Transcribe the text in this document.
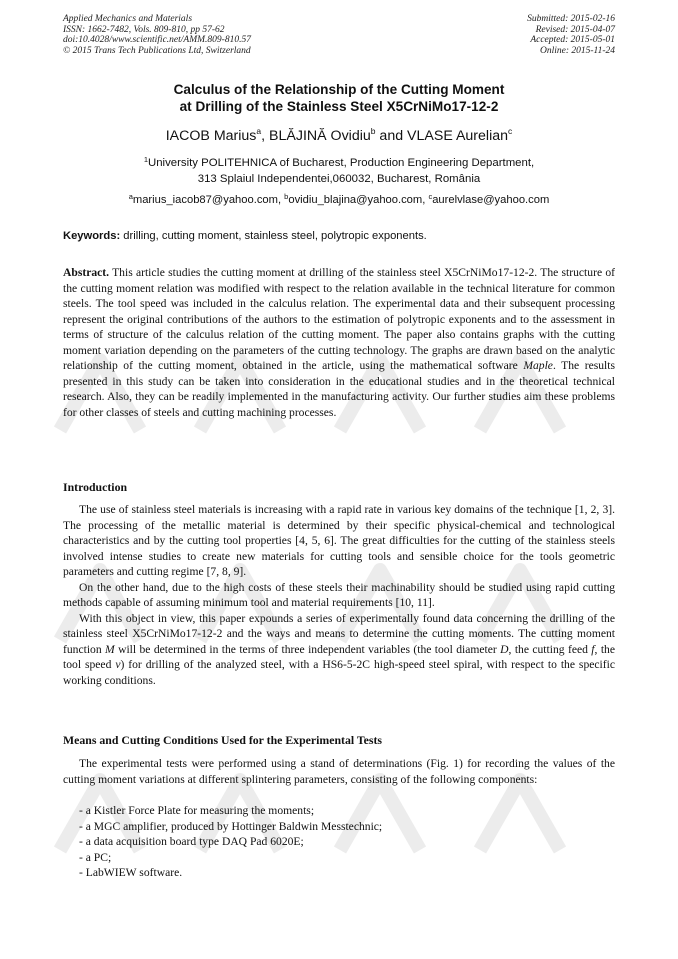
Applied Mechanics and Materials
ISSN: 1662-7482, Vols. 809-810, pp 57-62
doi:10.4028/www.scientific.net/AMM.809-810.57
© 2015 Trans Tech Publications Ltd, Switzerland
Submitted: 2015-02-16
Revised: 2015-04-07
Accepted: 2015-05-01
Online: 2015-11-24
Calculus of the Relationship of the Cutting Moment
at Drilling of the Stainless Steel X5CrNiMo17-12-2
IACOB Marius$^a$, BLĂJINĂ Ovidiu$^b$ and VLASE Aurelian$^c$
$^1$University POLITEHNICA of Bucharest, Production Engineering Department,
313 Splaiul Independentei,060032, Bucharest, România
$^a$marius_iacob87@yahoo.com, $^b$ovidiu_blajina@yahoo.com, $^c$aurelvlase@yahoo.com
Keywords: drilling, cutting moment, stainless steel, polytropic exponents.
Abstract. This article studies the cutting moment at drilling of the stainless steel X5CrNiMo17-12-2. The structure of the cutting moment relation was modified with respect to the relation available in the technical literature for common steels. The tool speed was included in the calculus relation. The experimental data and their subsequent processing represent the original contributions of the authors to the estimation of polytropic exponents and to the assessment in terms of structure of the calculus relation of the cutting moment. The paper also contains graphs with the cutting moment variation depending on the parameters of the cutting technology. The graphs are drawn based on the analytic relationship of the cutting moment, obtained in the article, using the mathematical software Maple. The results presented in this study can be taken into consideration in the educational studies and in the theoretical technical research. Also, they can be readily implemented in the manufacturing activity. Our further studies aim these problems for other classes of steels and cutting machining processes.
Introduction

The use of stainless steel materials is increasing with a rapid rate in various key domains of the technique [1, 2, 3]. The processing of the metallic material is determined by their specific physical-chemical and technological characteristics and by the cutting tool properties [4, 5, 6]. The great difficulties for the cutting of the stainless steels involved intense studies to create new materials for cutting tools and sensible choice for the tools geometric parameters and cutting regime [7, 8, 9].

On the other hand, due to the high costs of these steels their machinability should be studied using rapid cutting methods capable of assuming minimum tool and material requirements [10, 11].

With this object in view, this paper expounds a series of experimentally found data concerning the drilling of the stainless steel X5CrNiMo17-12-2 and the ways and means to determine the cutting moments. The cutting moment function M will be determined in the terms of three independent variables (the tool diameter D, the cutting feed f, the tool speed v) for drilling of the analyzed steel, with a HS6-5-2C high-speed steel spiral, with respect to the specific working conditions.

Means and Cutting Conditions Used for the Experimental Tests

The experimental tests were performed using a stand of determinations (Fig. 1) for recording the values of the cutting moment variations at different splintering parameters, consisting of the following components:

- a Kistler Force Plate for measuring the moments;
- a MGC amplifier, produced by Hottinger Baldwin Messtechnic;
- a data acquisition board type DAQ Pad 6020E;
- a PC;
- LabWIEW software.
